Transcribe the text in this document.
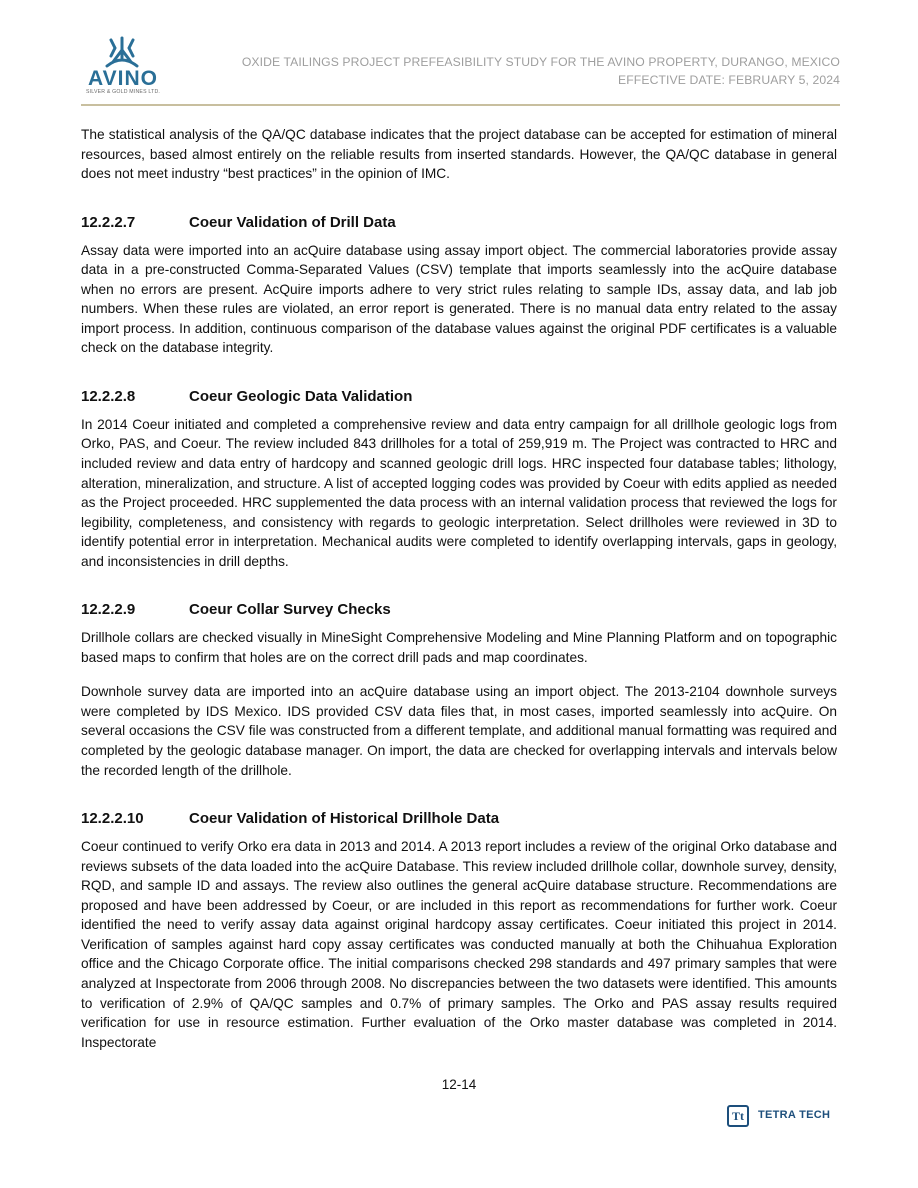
AVINO
SILVER & GOLD MINES LTD.
OXIDE TAILINGS PROJECT PREFEASIBILITY STUDY FOR THE AVINO PROPERTY, DURANGO, MEXICO
EFFECTIVE DATE: FEBRUARY 5, 2024

The statistical analysis of the QA/QC database indicates that the project database can be accepted for estimation of mineral resources, based almost entirely on the reliable results from inserted standards. However, the QA/QC database in general does not meet industry “best practices” in the opinion of IMC.

12.2.2.7	Coeur Validation of Drill Data

Assay data were imported into an acQuire database using assay import object. The commercial laboratories provide assay data in a pre-constructed Comma-Separated Values (CSV) template that imports seamlessly into the acQuire database when no errors are present. AcQuire imports adhere to very strict rules relating to sample IDs, assay data, and lab job numbers. When these rules are violated, an error report is generated. There is no manual data entry related to the assay import process. In addition, continuous comparison of the database values against the original PDF certificates is a valuable check on the database integrity.

12.2.2.8	Coeur Geologic Data Validation

In 2014 Coeur initiated and completed a comprehensive review and data entry campaign for all drillhole geologic logs from Orko, PAS, and Coeur. The review included 843 drillholes for a total of 259,919 m. The Project was contracted to HRC and included review and data entry of hardcopy and scanned geologic drill logs. HRC inspected four database tables; lithology, alteration, mineralization, and structure. A list of accepted logging codes was provided by Coeur with edits applied as needed as the Project proceeded. HRC supplemented the data process with an internal validation process that reviewed the logs for legibility, completeness, and consistency with regards to geologic interpretation. Select drillholes were reviewed in 3D to identify potential error in interpretation. Mechanical audits were completed to identify overlapping intervals, gaps in geology, and inconsistencies in drill depths.

12.2.2.9	Coeur Collar Survey Checks

Drillhole collars are checked visually in MineSight Comprehensive Modeling and Mine Planning Platform and on topographic based maps to confirm that holes are on the correct drill pads and map coordinates.

Downhole survey data are imported into an acQuire database using an import object. The 2013-2104 downhole surveys were completed by IDS Mexico. IDS provided CSV data files that, in most cases, imported seamlessly into acQuire. On several occasions the CSV file was constructed from a different template, and additional manual formatting was required and completed by the geologic database manager. On import, the data are checked for overlapping intervals and intervals below the recorded length of the drillhole.

12.2.2.10	Coeur Validation of Historical Drillhole Data

Coeur continued to verify Orko era data in 2013 and 2014. A 2013 report includes a review of the original Orko database and reviews subsets of the data loaded into the acQuire Database. This review included drillhole collar, downhole survey, density, RQD, and sample ID and assays. The review also outlines the general acQuire database structure. Recommendations are proposed and have been addressed by Coeur, or are included in this report as recommendations for further work. Coeur identified the need to verify assay data against original hardcopy assay certificates. Coeur initiated this project in 2014. Verification of samples against hard copy assay certificates was conducted manually at both the Chihuahua Exploration office and the Chicago Corporate office. The initial comparisons checked 298 standards and 497 primary samples that were analyzed at Inspectorate from 2006 through 2008. No discrepancies between the two datasets were identified. This amounts to verification of 2.9% of QA/QC samples and 0.7% of primary samples. The Orko and PAS assay results required verification for use in resource estimation. Further evaluation of the Orko master database was completed in 2014. Inspectorate

12-14
Tt TETRA TECH
